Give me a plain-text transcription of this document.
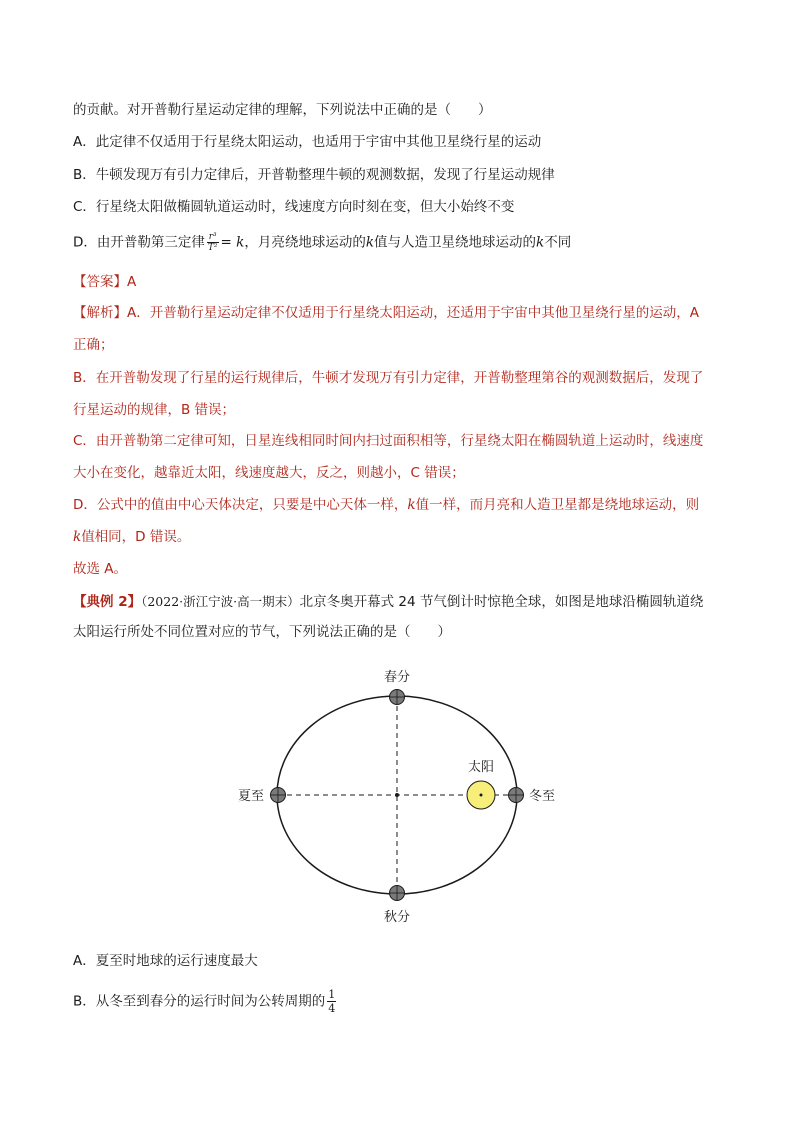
的贡献。对开普勒行星运动定律的理解，下列说法中正确的是（　　）
A．此定律不仅适用于行星绕太阳运动，也适用于宇宙中其他卫星绕行星的运动
B．牛顿发现万有引力定律后，开普勒整理牛顿的观测数据，发现了行星运动规律
C．行星绕太阳做椭圆轨道运动时，线速度方向时刻在变，但大小始终不变
D．由开普勒第三定律 $\frac{\text{r³}}{\text{T²}} = k$，月亮绕地球运动的k值与人造卫星绕地球运动的k不同
【答案】A
【解析】A．开普勒行星运动定律不仅适用于行星绕太阳运动，还适用于宇宙中其他卫星绕行星的运动，A
正确；
B．在开普勒发现了行星的运行规律后，牛顿才发现万有引力定律，开普勒整理第谷的观测数据后，发现了
行星运动的规律，B 错误；
C．由开普勒第二定律可知，日星连线相同时间内扫过面积相等，行星绕太阳在椭圆轨道上运动时，线速度
大小在变化，越靠近太阳，线速度越大，反之，则越小，C 错误；
D．公式中的值由中心天体决定，只要是中心天体一样，k值一样，而月亮和人造卫星都是绕地球运动，则
k值相同，D 错误。
故选 A。
【典例 2】（2022·浙江宁波·高一期末）北京冬奥开幕式 24 节气倒计时惊艳全球，如图是地球沿椭圆轨道绕
太阳运行所处不同位置对应的节气，下列说法正确的是（　　）
春分
秋分
夏至	冬至
太阳
A．夏至时地球的运行速度最大
B．从冬至到春分的运行时间为公转周期的 $\frac{1}{4}$
